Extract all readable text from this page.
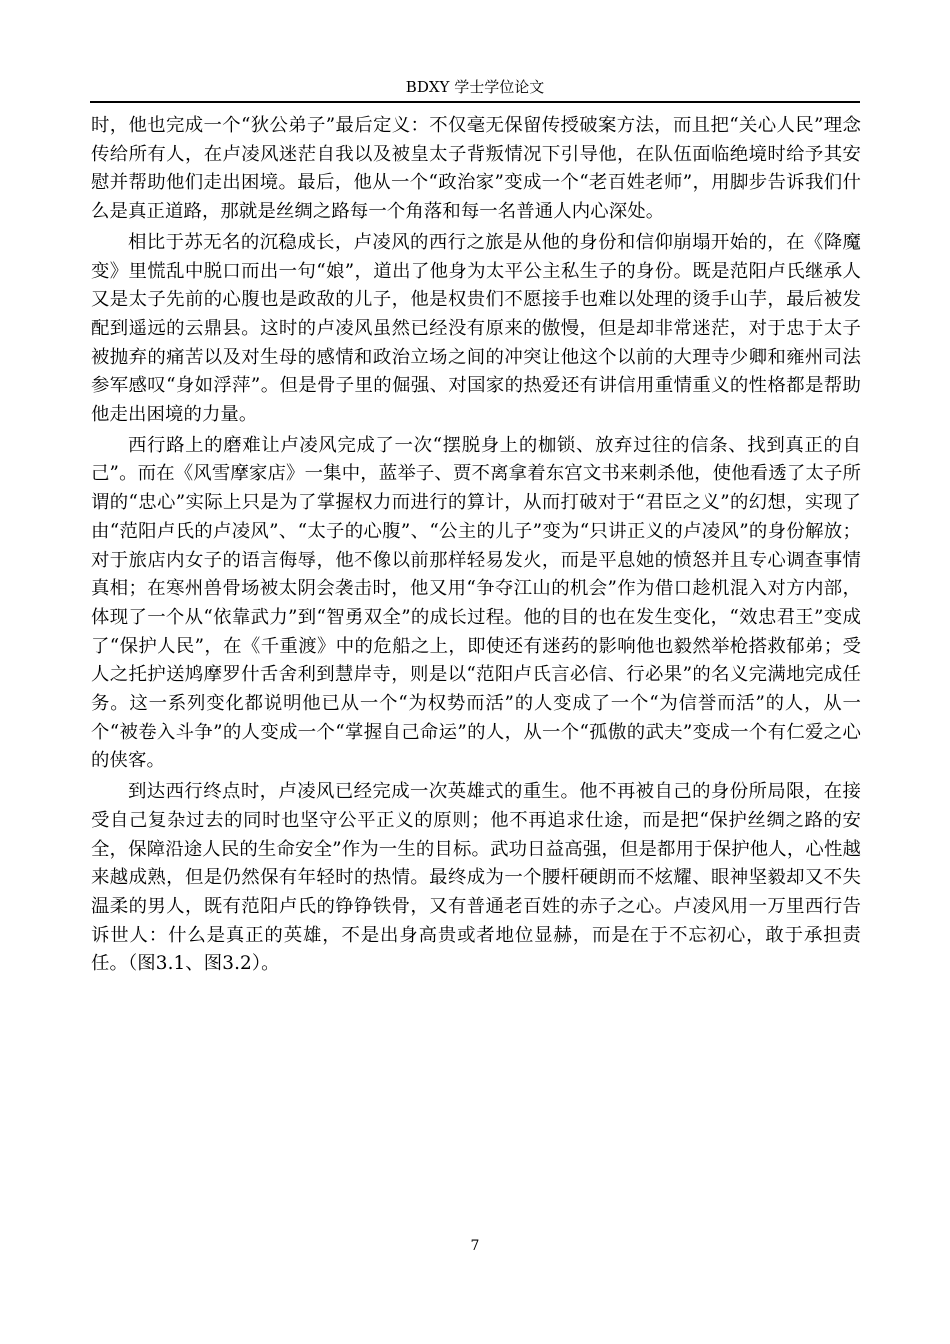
BDXY 学士学位论文

时，他也完成一个“狄公弟子”最后定义：不仅毫无保留传授破案方法，而且把“关心人民”理念传给所有人，在卢凌风迷茫自我以及被皇太子背叛情况下引导他，在队伍面临绝境时给予其安慰并帮助他们走出困境。最后，他从一个“政治家”变成一个“老百姓老师”，用脚步告诉我们什么是真正道路，那就是丝绸之路每一个角落和每一名普通人内心深处。

相比于苏无名的沉稳成长，卢凌风的西行之旅是从他的身份和信仰崩塌开始的，在《降魔变》里慌乱中脱口而出一句“娘”，道出了他身为太平公主私生子的身份。既是范阳卢氏继承人又是太子先前的心腹也是政敌的儿子，他是权贵们不愿接手也难以处理的烫手山芋，最后被发配到遥远的云鼎县。这时的卢凌风虽然已经没有原来的傲慢，但是却非常迷茫，对于忠于太子被抛弃的痛苦以及对生母的感情和政治立场之间的冲突让他这个以前的大理寺少卿和雍州司法参军感叹“身如浮萍”。但是骨子里的倔强、对国家的热爱还有讲信用重情重义的性格都是帮助他走出困境的力量。

西行路上的磨难让卢凌风完成了一次“摆脱身上的枷锁、放弃过往的信条、找到真正的自己”。而在《风雪摩家店》一集中，蓝举子、贾不离拿着东宫文书来刺杀他，使他看透了太子所谓的“忠心”实际上只是为了掌握权力而进行的算计，从而打破对于“君臣之义”的幻想，实现了由“范阳卢氏的卢凌风”、“太子的心腹”、“公主的儿子”变为“只讲正义的卢凌风”的身份解放；对于旅店内女子的语言侮辱，他不像以前那样轻易发火，而是平息她的愤怒并且专心调查事情真相；在寒州兽骨场被太阴会袭击时，他又用“争夺江山的机会”作为借口趁机混入对方内部，体现了一个从“依靠武力”到“智勇双全”的成长过程。他的目的也在发生变化，“效忠君王”变成了“保护人民”，在《千重渡》中的危船之上，即使还有迷药的影响他也毅然举枪搭救郁弟；受人之托护送鸠摩罗什舌舍利到慧岸寺，则是以“范阳卢氏言必信、行必果”的名义完满地完成任务。这一系列变化都说明他已从一个“为权势而活”的人变成了一个“为信誉而活”的人，从一个“被卷入斗争”的人变成一个“掌握自己命运”的人，从一个“孤傲的武夫”变成一个有仁爱之心的侠客。

到达西行终点时，卢凌风已经完成一次英雄式的重生。他不再被自己的身份所局限，在接受自己复杂过去的同时也坚守公平正义的原则；他不再追求仕途，而是把“保护丝绸之路的安全，保障沿途人民的生命安全”作为一生的目标。武功日益高强，但是都用于保护他人，心性越来越成熟，但是仍然保有年轻时的热情。最终成为一个腰杆硬朗而不炫耀、眼神坚毅却又不失温柔的男人，既有范阳卢氏的铮铮铁骨，又有普通老百姓的赤子之心。卢凌风用一万里西行告诉世人：什么是真正的英雄，不是出身高贵或者地位显赫，而是在于不忘初心，敢于承担责任。（图3.1、图3.2）。

7
